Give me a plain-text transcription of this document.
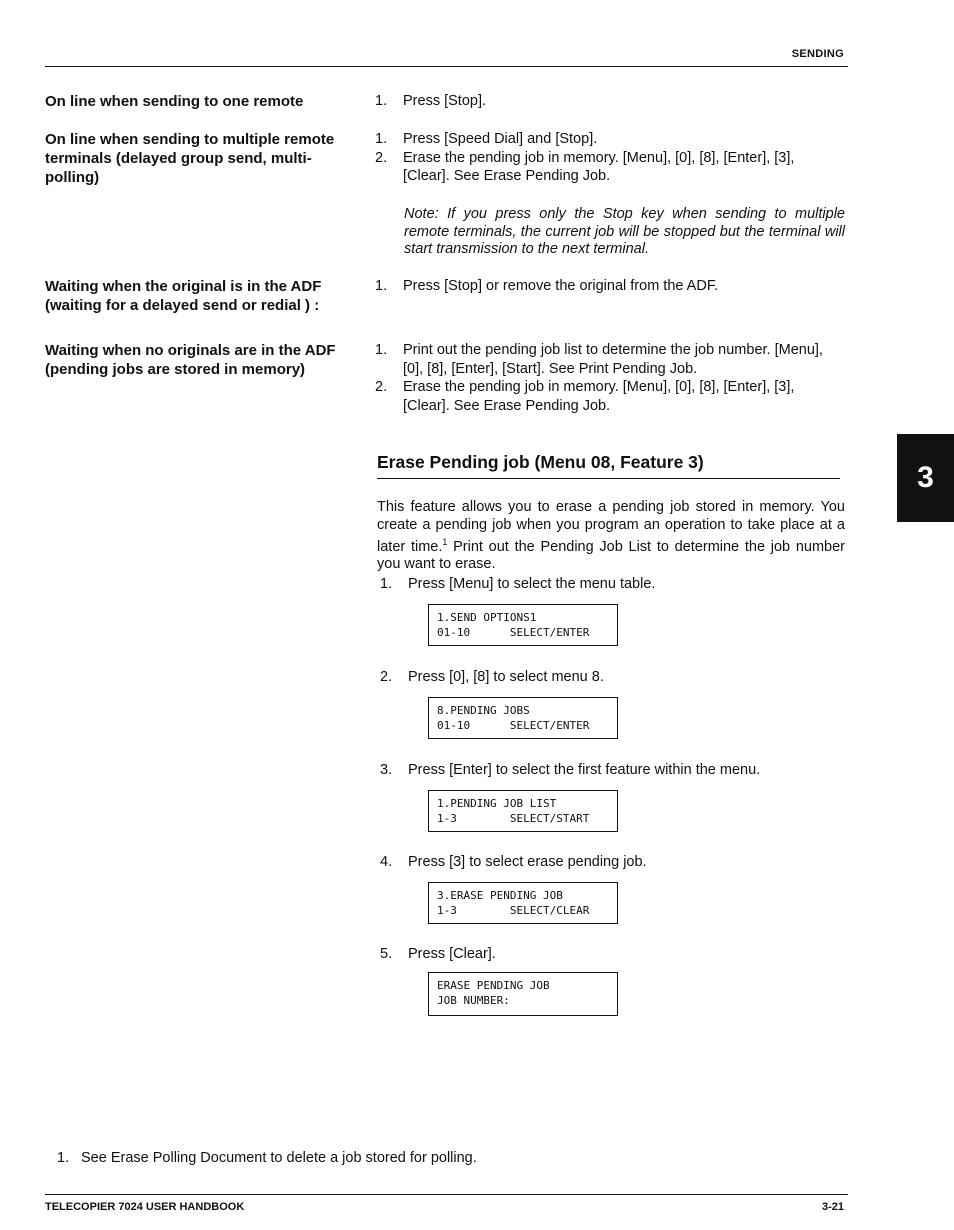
SENDING
On line when sending to one remote	1. Press [Stop].
On line when sending to multiple remote terminals (delayed group send, multi-polling)
1. Press [Speed Dial] and [Stop].
2. Erase the pending job in memory. [Menu], [0], [8], [Enter], [3], [Clear]. See Erase Pending Job.
Note: If you press only the Stop key when sending to multiple remote terminals, the current job will be stopped but the terminal will start transmission to the next terminal.
Waiting when the original is in the ADF (waiting for a delayed send or redial ) :
1. Press [Stop] or remove the original from the ADF.
Waiting when no originals are in the ADF (pending jobs are stored in memory)
1. Print out the pending job list to determine the job number. [Menu], [0], [8], [Enter], [Start]. See Print Pending Job.
2. Erase the pending job in memory. [Menu], [0], [8], [Enter], [3], [Clear]. See Erase Pending Job.
Erase Pending job (Menu 08, Feature 3)
This feature allows you to erase a pending job stored in memory. You create a pending job when you program an operation to take place at a later time.$^1$ Print out the Pending Job List to determine the job number you want to erase.
1. Press [Menu] to select the menu table.
1.SEND OPTIONS1
01-10      SELECT/ENTER
2. Press [0], [8] to select menu 8.
8.PENDING JOBS
01-10      SELECT/ENTER
3. Press [Enter] to select the first feature within the menu.
1.PENDING JOB LIST
1-3        SELECT/START
4. Press [3] to select erase pending job.
3.ERASE PENDING JOB
1-3        SELECT/CLEAR
5. Press [Clear].
ERASE PENDING JOB
JOB NUMBER:
3
1. See Erase Polling Document to delete a job stored for polling.
TELECOPIER 7024 USER HANDBOOK	3-21
